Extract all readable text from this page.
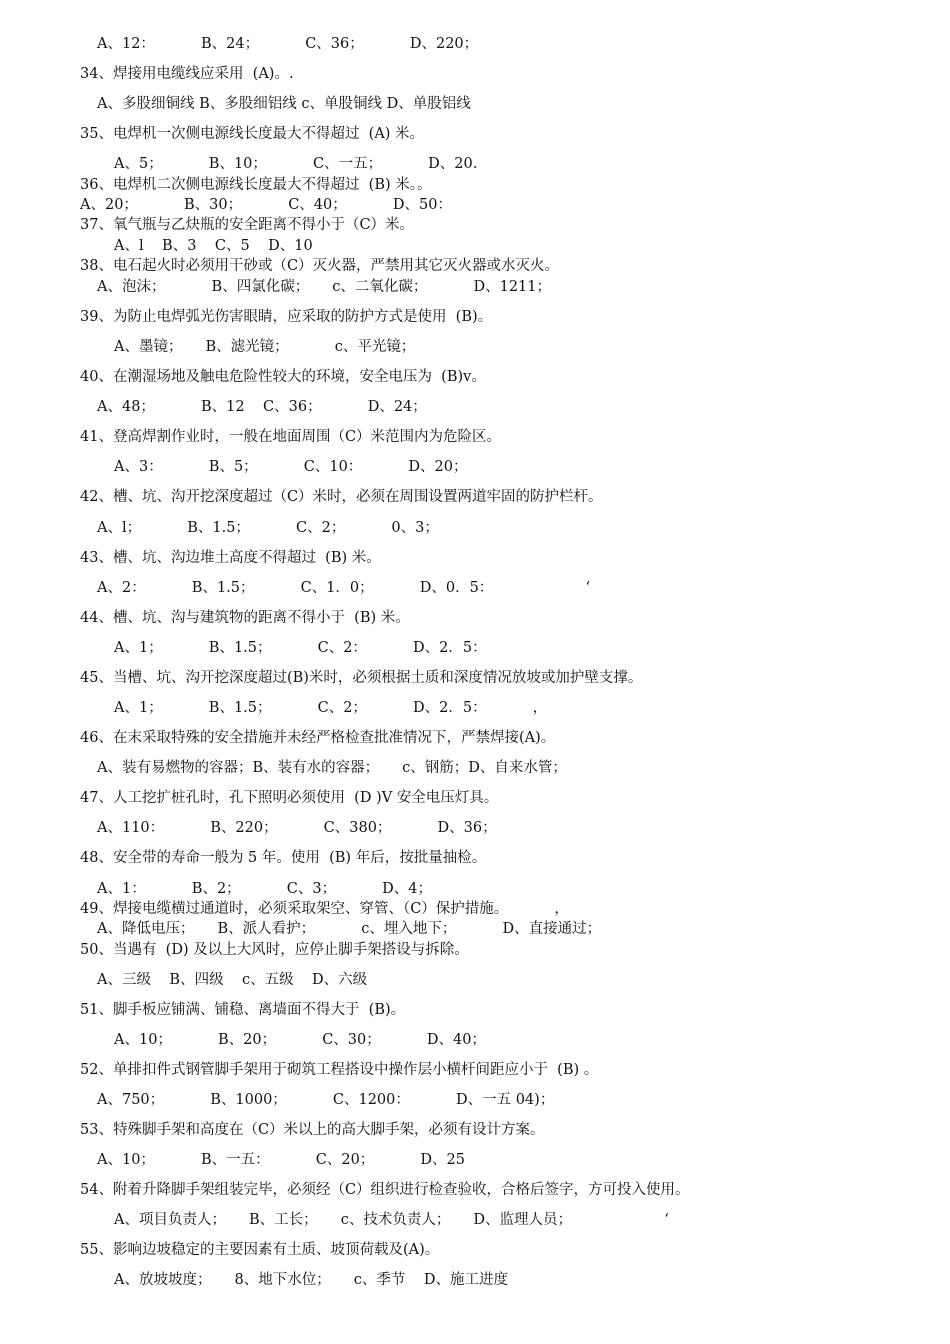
A、12：          B、24；          C、36；          D、220；
34、焊接用电缆线应采用  (A)。.
A、多股细铜线 B、多股细铝线 c、单股铜线 D、单股铝线
35、电焊机一次侧电源线长度最大不得超过  (A) 米。
A、5；          B、10；          C、一五；          D、20.
36、电焊机二次侧电源线长度最大不得超过  (B) 米。。
A、20；          B、30；          C、40；          D、50：
37、氧气瓶与乙炔瓶的安全距离不得小于（C）米。
A、l    B、3    C、5    D、10
38、电石起火时必须用干砂或（C）灭火器，严禁用其它灭火器或水灭火。
A、泡沫；          B、四氯化碳；     c、二氧化碳；          D、1211；
39、为防止电焊弧光伤害眼睛，应采取的防护方式是使用  (B)。
A、墨镜；     B、滤光镜；          c、平光镜；
40、在潮湿场地及触电危险性较大的环境，安全电压为  (B)v。
A、48；          B、12    C、36；          D、24；
41、登高焊割作业时，一般在地面周围（C）米范围内为危险区。
A、3：          B、5；          C、10：          D、20；
42、槽、坑、沟开挖深度超过（C）米时，必须在周围设置两道牢固的防护栏杆。
A、l；          B、1.5；          C、2；          0、3；
43、槽、坑、沟边堆土高度不得超过  (B) 米。
A、2：          B、1.5；          C、1．0；          D、0．5：                    ‘
44、槽、坑、沟与建筑物的距离不得小于  (B) 米。
A、1；          B、1.5；          C、2：          D、2．5：
45、当槽、坑、沟开挖深度超过(B)米时，必须根据土质和深度情况放坡或加护壁支撑。
A、1；          B、1.5；          C、2；          D、2．5：          ，
46、在末采取特殊的安全措施并未经严格检查批准情况下，严禁焊接(A)。
A、装有易燃物的容器；B、装有水的容器；     c、钢筋；D、自来水管；
47、人工挖扩桩孔时，孔下照明必须使用  (D )V 安全电压灯具。
A、110：          B、220；          C、380；          D、36；
48、安全带的寿命一般为 5 年。使用  (B) 年后，按批量抽检。
A、1：          B、2；          C、3；          D、4；
49、焊接电缆横过通道时，必须采取架空、穿管、（C）保护措施。          ，
A、降低电压；     B、派人看护；          c、埋入地下；          D、直接通过；
50、当遇有  (D) 及以上大风时，应停止脚手架搭设与拆除。
A、三级    B、四级    c、五级    D、六级
51、脚手板应铺满、铺稳、离墙面不得大于  (B)。
A、10；          B、20；          C、30；          D、40；
52、单排扣件式钢管脚手架用于砌筑工程搭设中操作层小横杆间距应小于  (B) 。
A、750；          B、1000；          C、1200：          D、一五 04)；
53、特殊脚手架和高度在（C）米以上的高大脚手架，必须有设计方案。
A、10；          B、一五：          C、20；          D、25
54、附着升降脚手架组装完毕，必须经（C）组织进行检查验收，合格后签字，方可投入使用。
A、项目负责人；     B、工长；     c、技术负责人；     D、监理人员；                    ‘
55、影响边坡稳定的主要因素有土质、坡顶荷载及(A)。
A、放坡坡度；     8、地下水位；     c、季节    D、施工进度
